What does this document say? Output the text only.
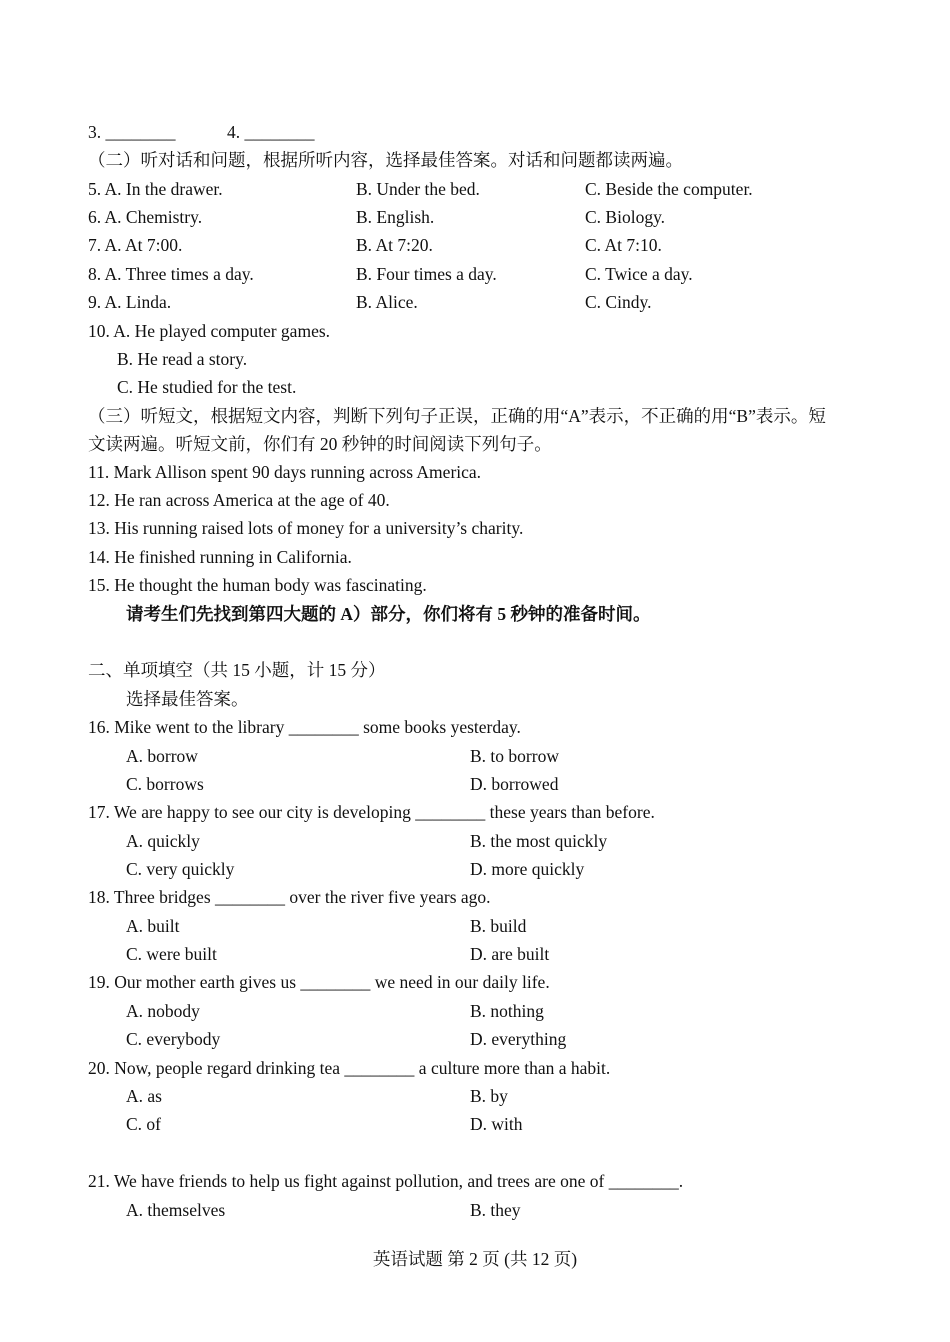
3. ________	4. ________
（二）听对话和问题，根据所听内容，选择最佳答案。对话和问题都读两遍。
5. A. In the drawer.	B. Under the bed.	C. Beside the computer.
6. A. Chemistry.	B. English.	C. Biology.
7. A. At 7:00.	B. At 7:20.	C. At 7:10.
8. A. Three times a day.	B. Four times a day.	C. Twice a day.
9. A. Linda.	B. Alice.	C. Cindy.
10. A. He played computer games.
B. He read a story.
C. He studied for the test.
（三）听短文，根据短文内容，判断下列句子正误，正确的用“A”表示，不正确的用“B”表示。短
文读两遍。听短文前，你们有 20 秒钟的时间阅读下列句子。
11. Mark Allison spent 90 days running across America.
12. He ran across America at the age of 40.
13. His running raised lots of money for a university’s charity.
14. He finished running in California.
15. He thought the human body was fascinating.
请考生们先找到第四大题的 A）部分，你们将有 5 秒钟的准备时间。
二、单项填空（共 15 小题，计 15 分）
选择最佳答案。
16. Mike went to the library ________ some books yesterday.
A. borrow	B. to borrow
C. borrows	D. borrowed
17. We are happy to see our city is developing ________ these years than before.
A. quickly	B. the most quickly
C. very quickly	D. more quickly
18. Three bridges ________ over the river five years ago.
A. built	B. build
C. were built	D. are built
19. Our mother earth gives us ________ we need in our daily life.
A. nobody	B. nothing
C. everybody	D. everything
20. Now, people regard drinking tea ________ a culture more than a habit.
A. as	B. by
C. of	D. with
21. We have friends to help us fight against pollution, and trees are one of ________.
A. themselves	B. they
英语试题 第 2 页 (共 12 页)
